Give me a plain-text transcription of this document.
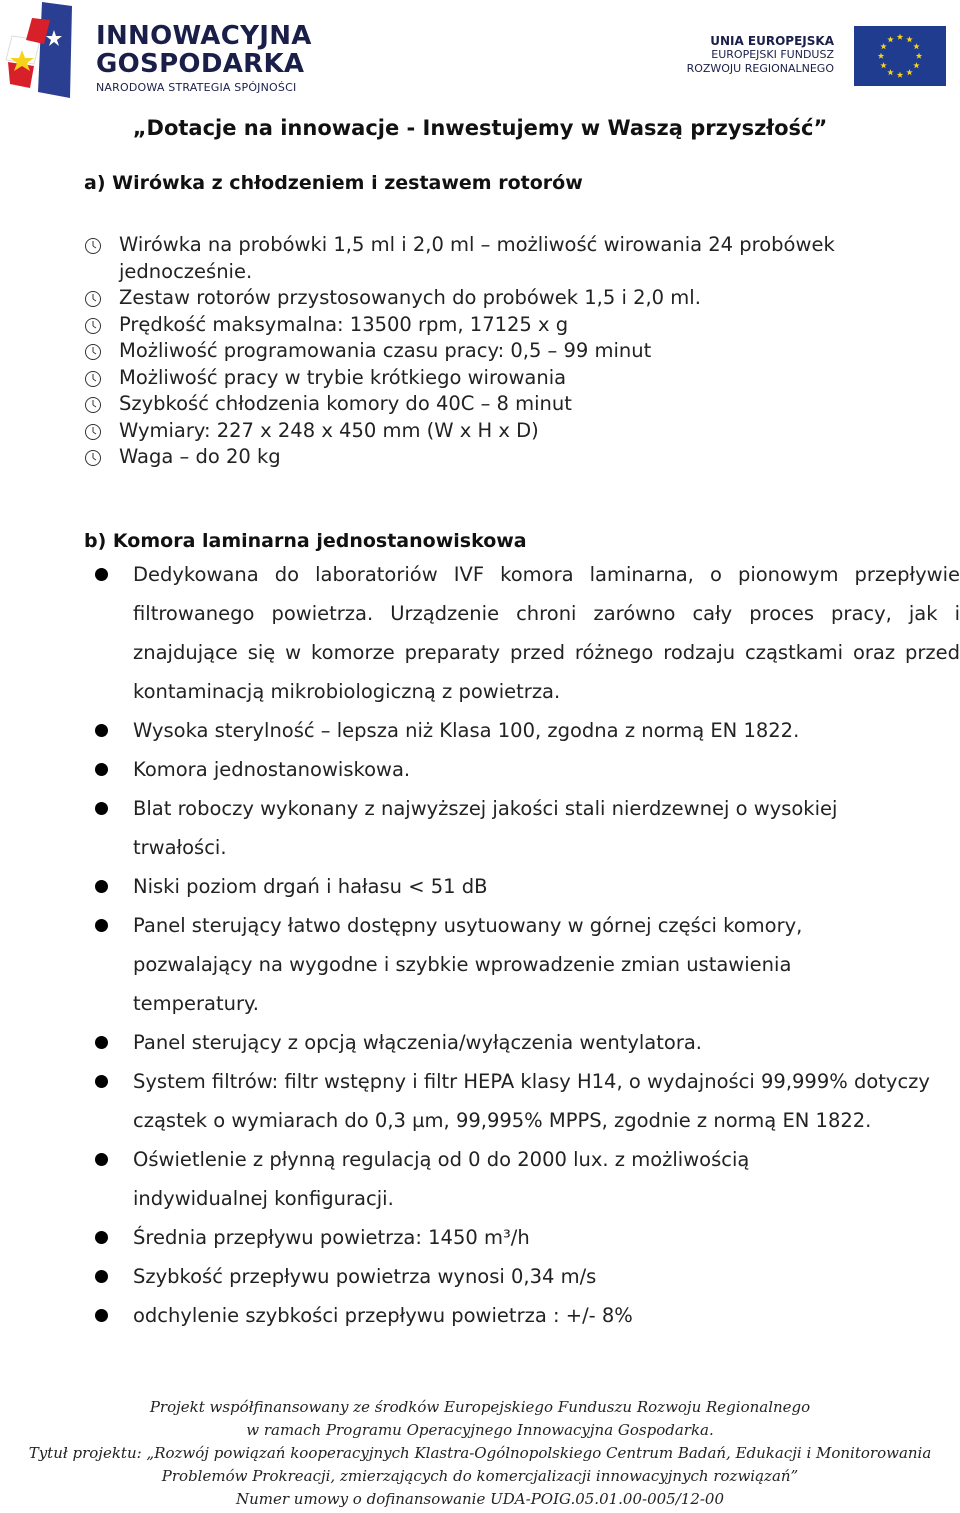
INNOWACYJNA
GOSPODARKA
NARODOWA STRATEGIA SPÓJNOŚCI
UNIA EUROPEJSKA
EUROPEJSKI FUNDUSZ
ROZWOJU REGIONALNEGO
„Dotacje na innowacje - Inwestujemy w Waszą przyszłość”
a) Wirówka z chłodzeniem i zestawem rotorów
Wirówka na probówki 1,5 ml i 2,0 ml – możliwość wirowania 24 probówek jednocześnie.
Zestaw rotorów przystosowanych do probówek 1,5 i 2,0 ml.
Prędkość maksymalna: 13500 rpm, 17125 x g
Możliwość programowania czasu pracy: 0,5 – 99 minut
Możliwość pracy w trybie krótkiego wirowania
Szybkość chłodzenia komory do 40C – 8 minut
Wymiary: 227 x 248 x 450 mm (W x H x D)
Waga – do 20 kg
b) Komora laminarna jednostanowiskowa
Dedykowana do laboratoriów IVF komora laminarna, o pionowym przepływie filtrowanego powietrza. Urządzenie chroni zarówno cały proces pracy, jak i znajdujące się w komorze preparaty przed różnego rodzaju cząstkami oraz przed kontaminacją mikrobiologiczną z powietrza.
Wysoka sterylność – lepsza niż Klasa 100, zgodna z normą EN 1822.
Komora jednostanowiskowa.
Blat roboczy wykonany z najwyższej jakości stali nierdzewnej o wysokiej trwałości.
Niski poziom drgań i hałasu < 51 dB
Panel sterujący łatwo dostępny usytuowany w górnej części komory, pozwalający na wygodne i szybkie wprowadzenie zmian ustawienia temperatury.
Panel sterujący z opcją włączenia/wyłączenia wentylatora.
System filtrów: filtr wstępny i filtr HEPA klasy H14, o wydajności 99,999% dotyczy cząstek o wymiarach do 0,3 µm, 99,995% MPPS, zgodnie z normą EN 1822.
Oświetlenie z płynną regulacją od 0 do 2000 lux. z możliwością indywidualnej konfiguracji.
Średnia przepływu powietrza: 1450 m³/h
Szybkość przepływu powietrza wynosi 0,34 m/s
odchylenie szybkości przepływu powietrza : +/- 8%
Projekt współfinansowany ze środków Europejskiego Funduszu Rozwoju Regionalnego
w ramach Programu Operacyjnego Innowacyjna Gospodarka.
Tytuł projektu: „Rozwój powiązań kooperacyjnych Klastra-Ogólnopolskiego Centrum Badań, Edukacji i Monitorowania
Problemów Prokreacji, zmierzających do komercjalizacji innowacyjnych rozwiązań”
Numer umowy o dofinansowanie UDA-POIG.05.01.00-005/12-00
